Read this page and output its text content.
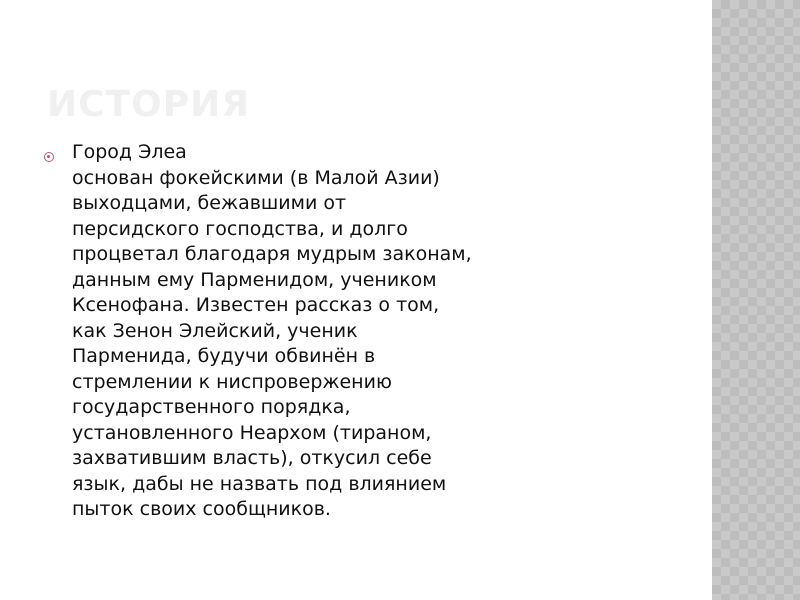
ИСТОРИЯ
Город Элеа
основан фокейскими (в Малой Азии)
выходцами, бежавшими от
персидского господства, и долго
процветал благодаря мудрым законам,
данным ему Парменидом, учеником
Ксенофана. Известен рассказ о том,
как Зенон Элейский, ученик
Парменида, будучи обвинён в
стремлении к ниспровержению
государственного порядка,
установленного Неархом (тираном,
захватившим власть), откусил себе
язык, дабы не назвать под влиянием
пыток своих сообщников.
